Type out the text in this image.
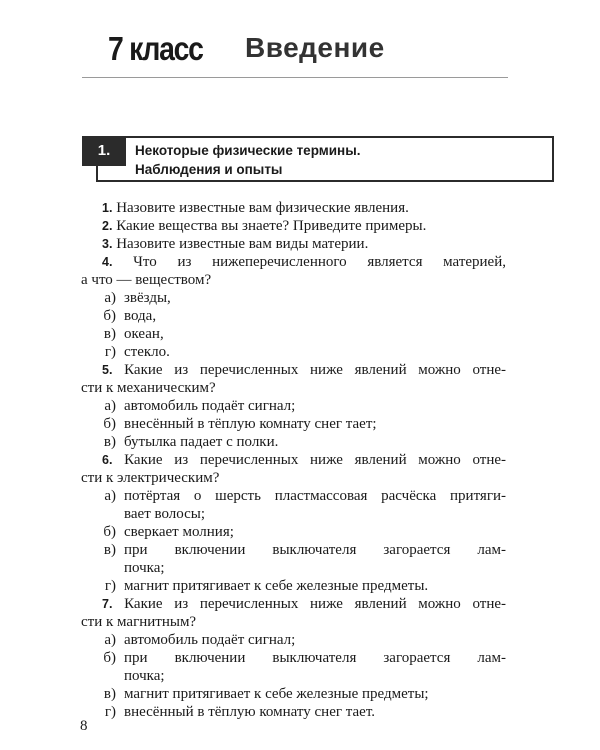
7 класс Введение
1.	Некоторые физические термины.
Наблюдения и опыты
1. Назовите известные вам физические явления.
2. Какие вещества вы знаете? Приведите примеры.
3. Назовите известные вам виды материи.
4. Что из нижеперечисленного является материей,
а что — веществом?
а) звёзды,
б) вода,
в) океан,
г) стекло.
5. Какие из перечисленных ниже явлений можно отне-
сти к механическим?
а) автомобиль подаёт сигнал;
б) внесённый в тёплую комнату снег тает;
в) бутылка падает с полки.
6. Какие из перечисленных ниже явлений можно отне-
сти к электрическим?
а) потёртая о шерсть пластмассовая расчёска притяги-
вает волосы;
б) сверкает молния;
в) при включении выключателя загорается лам-
почка;
г) магнит притягивает к себе железные предметы.
7. Какие из перечисленных ниже явлений можно отне-
сти к магнитным?
а) автомобиль подаёт сигнал;
б) при включении выключателя загорается лам-
почка;
в) магнит притягивает к себе железные предметы;
г) внесённый в тёплую комнату снег тает.
8
